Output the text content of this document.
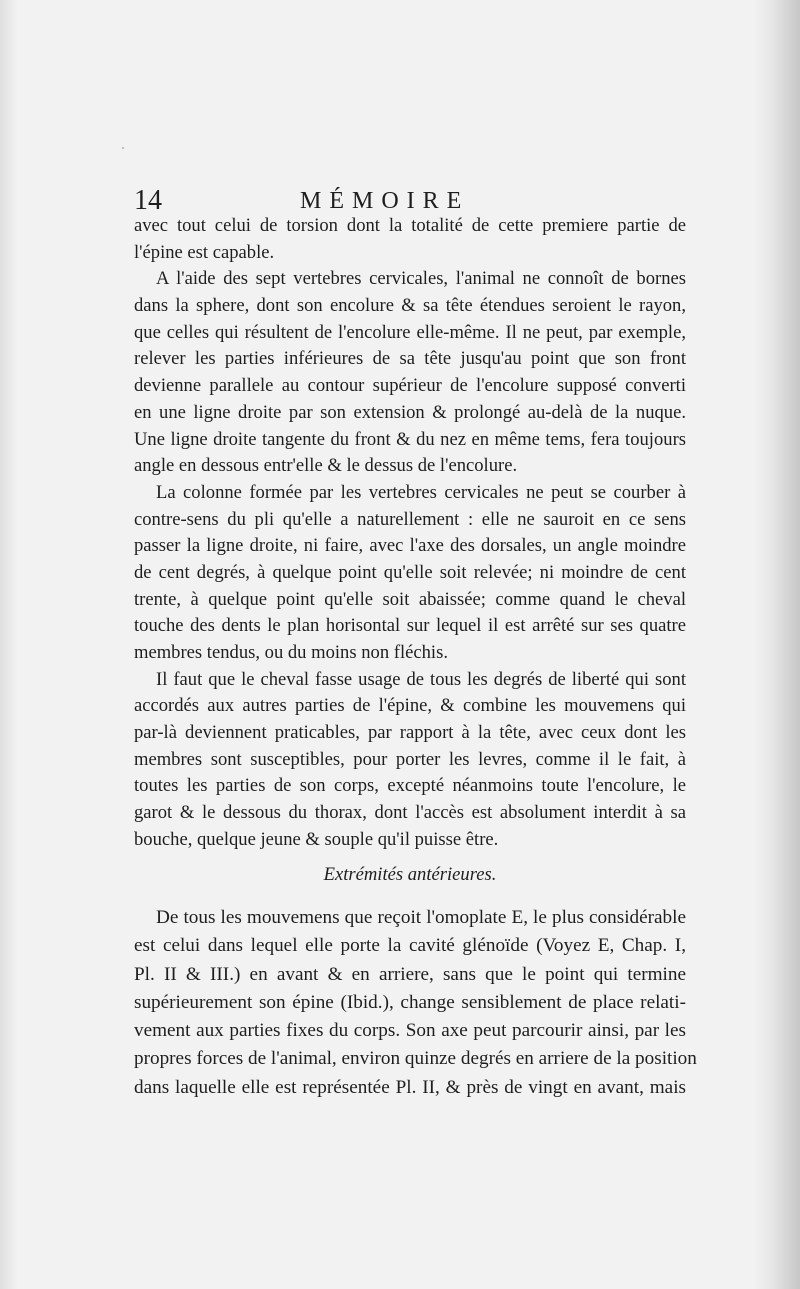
·
14	MÉMOIRE
avec tout celui de torsion dont la totalité de cette premiere partie de
l'épine est capable.
A l'aide des sept vertebres cervicales, l'animal ne connoît de bornes
dans la sphere, dont son encolure & sa tête étendues seroient le rayon,
que celles qui résultent de l'encolure elle-même. Il ne peut, par exemple,
relever les parties inférieures de sa tête jusqu'au point que son front
devienne parallele au contour supérieur de l'encolure supposé converti
en une ligne droite par son extension & prolongé au-delà de la nuque.
Une ligne droite tangente du front & du nez en même tems, fera toujours
angle en dessous entr'elle & le dessus de l'encolure.
La colonne formée par les vertebres cervicales ne peut se courber à
contre-sens du pli qu'elle a naturellement : elle ne sauroit en ce sens
passer la ligne droite, ni faire, avec l'axe des dorsales, un angle moindre
de cent degrés, à quelque point qu'elle soit relevée; ni moindre de cent
trente, à quelque point qu'elle soit abaissée; comme quand le cheval
touche des dents le plan horisontal sur lequel il est arrêté sur ses quatre
membres tendus, ou du moins non fléchis.
Il faut que le cheval fasse usage de tous les degrés de liberté qui sont
accordés aux autres parties de l'épine, & combine les mouvemens qui
par-là deviennent praticables, par rapport à la tête, avec ceux dont les
membres sont susceptibles, pour porter les levres, comme il le fait, à
toutes les parties de son corps, excepté néanmoins toute l'encolure, le
garot & le dessous du thorax, dont l'accès est absolument interdit à sa
bouche, quelque jeune & souple qu'il puisse être.
Extrémités antérieures.
De tous les mouvemens que reçoit l'omoplate E, le plus considérable
est celui dans lequel elle porte la cavité glénoïde (Voyez E, Chap. I,
Pl. II & III.) en avant & en arriere, sans que le point qui termine
supérieurement son épine (Ibid.), change sensiblement de place relati-
vement aux parties fixes du corps. Son axe peut parcourir ainsi, par les
propres forces de l'animal, environ quinze degrés en arriere de la position
dans laquelle elle est représentée Pl. II, & près de vingt en avant, mais
